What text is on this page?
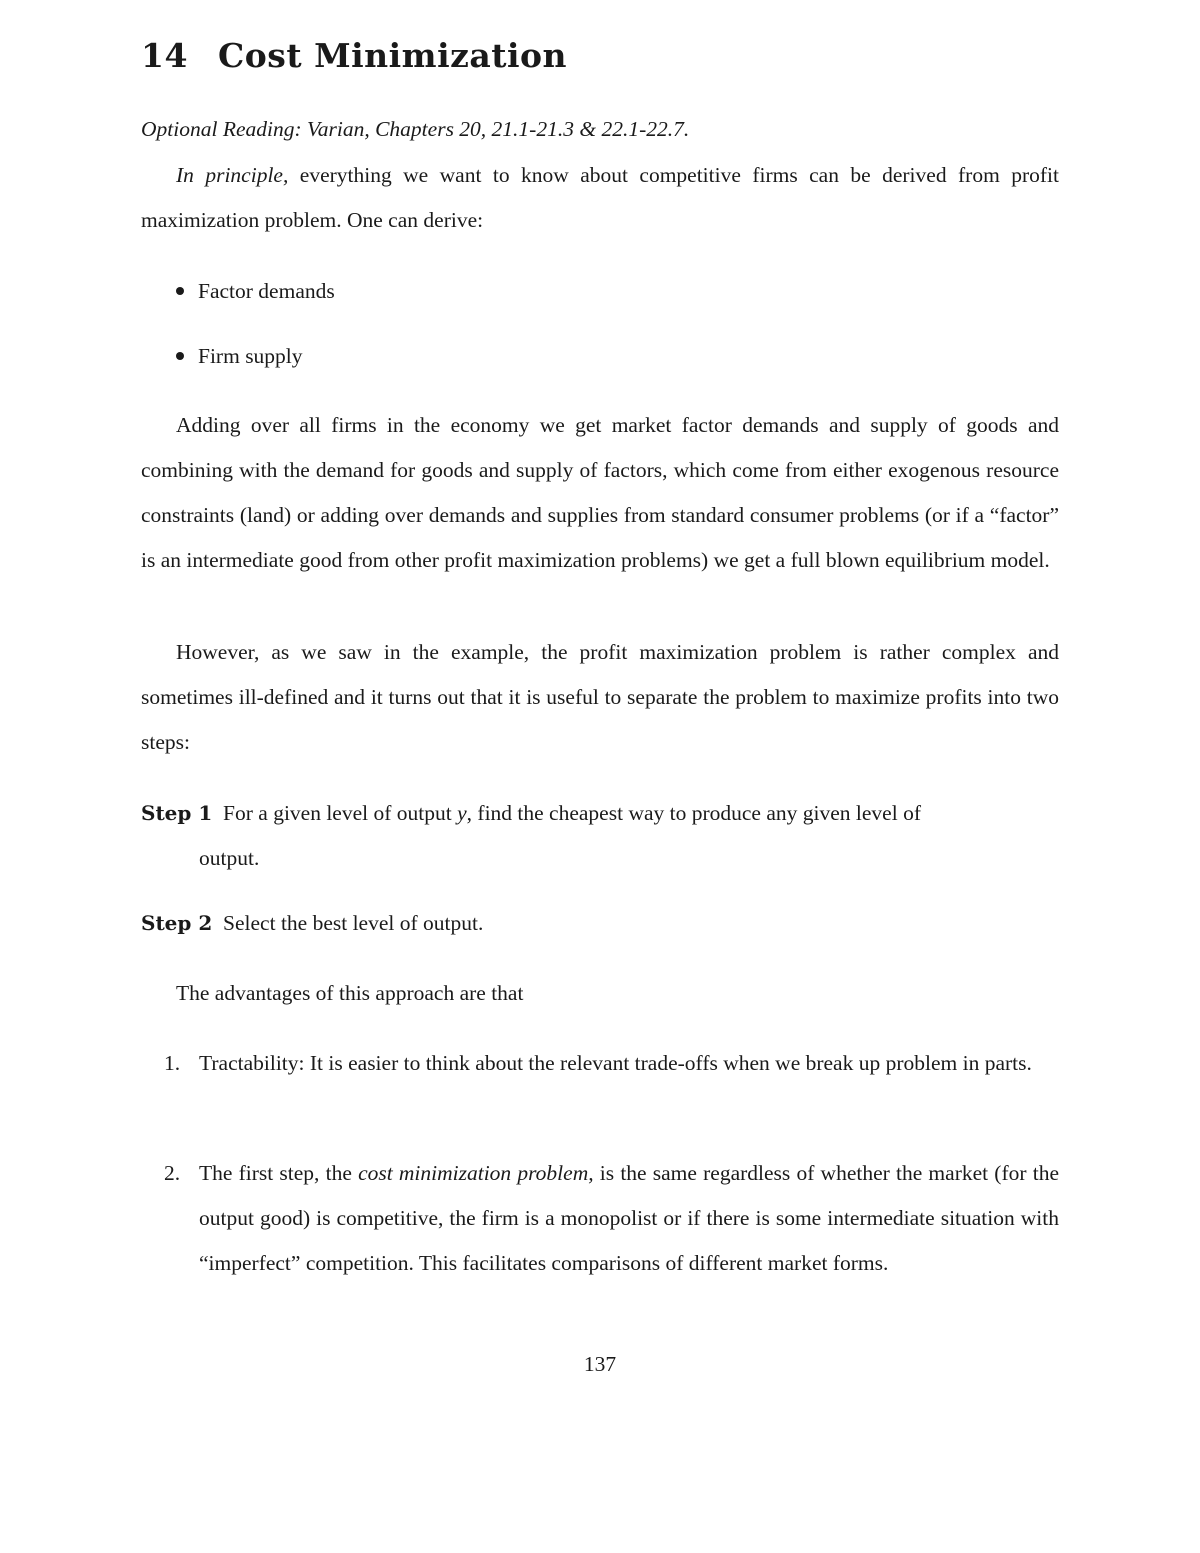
14 Cost Minimization
Optional Reading: Varian, Chapters 20, 21.1-21.3 & 22.1-22.7.
In principle, everything we want to know about competitive firms can be derived from profit maximization problem. One can derive:
Factor demands
Firm supply
Adding over all firms in the economy we get market factor demands and supply of goods and combining with the demand for goods and supply of factors, which come from either exogenous resource constraints (land) or adding over demands and supplies from standard consumer problems (or if a “factor” is an intermediate good from other profit maximization problems) we get a full blown equilibrium model.
However, as we saw in the example, the profit maximization problem is rather complex and sometimes ill-defined and it turns out that it is useful to separate the problem to maximize profits into two steps:
Step 1 For a given level of output y, find the cheapest way to produce any given level of
output.
Step 2 Select the best level of output.
The advantages of this approach are that
1. Tractability: It is easier to think about the relevant trade-offs when we break up problem in parts.
2. The first step, the cost minimization problem, is the same regardless of whether the market (for the output good) is competitive, the firm is a monopolist or if there is some intermediate situation with “imperfect” competition. This facilitates comparisons of different market forms.
137
